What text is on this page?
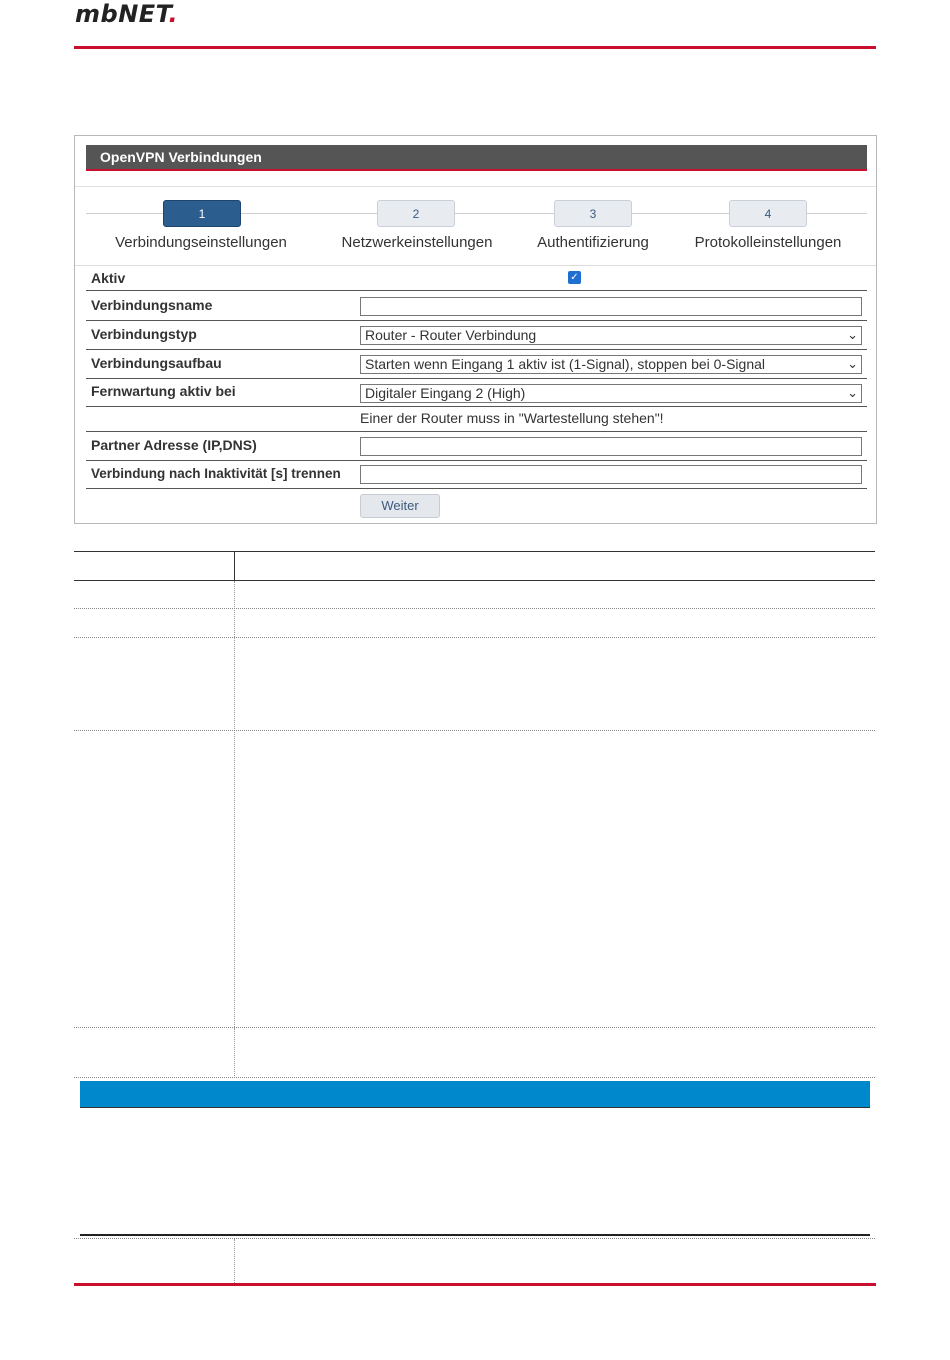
mbNET.
OpenVPN Verbindungen
1	2	3	4
Verbindungseinstellungen	Netzwerkeinstellungen	Authentifizierung	Protokolleinstellungen
Aktiv	✓
Verbindungsname
Verbindungstyp	Router - Router Verbindung	⌄
Verbindungsaufbau	Starten wenn Eingang 1 aktiv ist (1-Signal), stoppen bei 0-Signal	⌄
Fernwartung aktiv bei	Digitaler Eingang 2 (High)	⌄
Einer der Router muss in "Wartestellung stehen"!
Partner Adresse (IP,DNS)
Verbindung nach Inaktivität [s] trennen
Weiter
